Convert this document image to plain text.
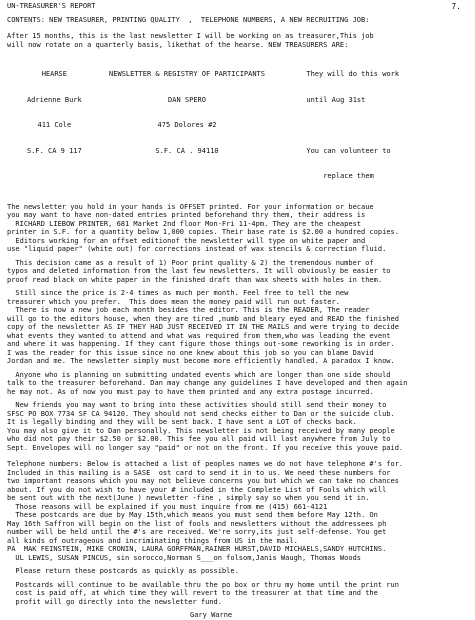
7.

UN-TREASURER'S REPORT

CONTENTS: NEW TREASURER, PRINTING QUALITY  ,  TELEPHONE NUMBERS, A NEW RECRUITING JOB:

After 15 months, this is the last newsletter I will be working on as treasurer,This job

will now rotate on a quarterly basis, likethat of the hearse. NEW TREASURERS ARE:

HEARSE

Adrienne Burk

411 Cole

S.F. CA 9 117

NEWSLETTER & REGISTRY OF PARTICIPANTS

DAN SPERO

475 Dolores #2

S.F. CA . 94110

They will do this work

until Aug 31st

You can volunteer to

replace them

The newsletter you hold in your hands is OFFSET printed. For your information or becaue

you may want to have non-dated entries printed beforehand thry them, their address is

RICHARD LIEBOW PRINTER, 681 Market 2nd floor Mon-Fri 11-4pm. They are the cheapest

printer in S.F. for a quantity below 1,000 copies. Their base rate is $2.00 a hundred copies.

Editors working for an offset editionof the newsletter will type on white paper and

use "liquid paper" (white out) for corrections instead of wax stencils & correction fluid.

This decision came as a result of 1) Poor print quality & 2) the tremendous number of

typos and deleted information from the last few newsletters. It will obviously be easier to

proof read black on white paper in the finished draft than wax sheets with holes in them.

Still since the price is 2-4 times as much per month. Feel free to tell the new

treasurer which you prefer.  This does mean the money paid will run out faster.

There is now a new job each month besides the editor. This is the READER, The reader

will go to the editors house, when they are tired ,numb and bleary eyed and READ the finished

copy of the newsletter AS IF THEY HAD JUST RECEIVED IT IN THE MAILS and were trying to decide

what events they wanted to attend and what was required from them,who was leading the event

and where it was happening. If they cant figure those things out-some reworking is in order.

I was the reader for this issue since no one knew about this job so you can blame David

Jordan and me. The newsletter simply must become more efficiently handled. A paradox I know.

Anyone who is planning on submitting undated events which are longer than one side should

talk to the treasurer beforehand. Dan may change any guidelines I have developed and then again

he may not. As of now you must pay to have them printed and any extra postage incurred.

New friends you may want to bring into these activities should still send their money to

SFSC PO BOX 7734 SF CA 94120. They should not send checks either to Dan or the suicide club.

It is legally binding and they will be sent back. I have sent a LOT of checks back.

You may also give it to Dan personally. This newsletter is not being received by many people

who did not pay their $2.50 or $2.00. This fee you all paid will last anywhere from July to

Sept. Envelopes will no longer say "paid" or not on the front. If you receive this youve paid.

Telephone numbers: Below is attached a list of peoples names we do not have telephone #'s for.

Included in this mailing is a SASE  ost card to send it in to us. We need these numbers for

two important reasons which you may not believe concerns you but which we can take no chances

about. If you do not wish to have your # included in the Complete List of Fools which will

be sent out with the next(June ) newsletter -fine , simply say so when you send it in.

Those reasons will be explained if you must inquire from me (415) 661-4121

These postcards are due by May 15th,which means you must send them before May 12th. On

May 16th Saffron will begin on the list of fools and newsletters without the addressees ph

number will be held until the #'s are received. We're sorry,its just self-defense. You get

all kinds of outrageous and incriminating things from US in the mail.

PA  MAK FEINSTEIN, MIKE CRONIN, LAURA GORFFMAN,RAINER HURST,DAVID MICHAELS,SANDY HUTCHINS.

UL LEWIS, SUSAN PINCUS, sin sorocco,Norman S___on folsom,Janis Waugh, Thomas Woods

Please return these postcards as quickly as possible.

Postcards will continue to be available thru the po box or thru my home until the print run

cost is paid off, at which time they will revert to the treasurer at that time and the

profit will go directly into the newsletter fund.

Gary Warne
